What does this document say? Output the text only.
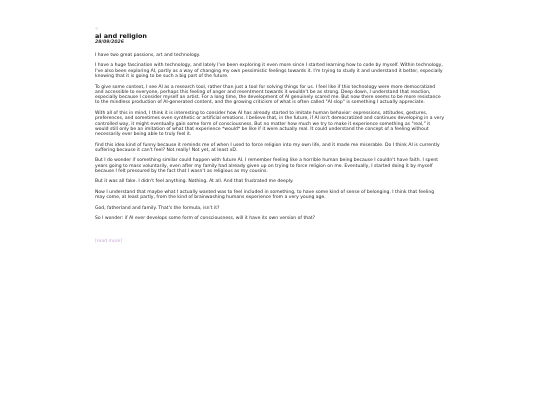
«
ai and religion
28/09/2026

I have two great passions, art and technology.

I have a huge fascination with technology, and lately I've been exploring it even more since I started learning how to code by myself. Within technology, I've also been exploring AI, partly as a way of changing my own pessimistic feelings towards it. I'm trying to study it and understand it better, especially knowing that it is going to be such a big part of the future.

To give some context, I see AI as a research tool, rather than just a tool for solving things for us. I feel like if this technology were more democratized and accessible to everyone, perhaps this feeling of anger and resentment towards it wouldn't be as strong. Deep down, I understand that reaction, especially because I consider myself an artist. For a long time, the development of AI genuinely scared me. But now there seems to be more resistance to the mindless production of AI-generated content, and the growing criticism of what is often called "AI slop" is something I actually appreciate.

With all of this in mind, I think it is interesting to consider how AI has already started to imitate human behavior: expressions, attitudes, gestures, preferences, and sometimes even synthetic or artificial emotions. I believe that, in the future, if AI isn't democratized and continues developing in a very controlled way, it might eventually gain some form of consciousness. But no matter how much we try to make it experience something as "real," it would still only be an imitation of what that experience *would* be like if it were actually real. It could understand the concept of a feeling without necessarily ever being able to truly feel it.

find this idea kind of funny because it reminds me of when I used to force religion into my own life, and it made me miserable. Do I think AI is currently suffering because it can't feel? Not really! Not yet, at least xD.

But I do wonder if something similar could happen with future AI. I remember feeling like a horrible human being because I couldn't have faith. I spent years going to mass voluntarily, even after my family had already given up on trying to force religion on me. Eventually, I started doing it by myself because I felt pressured by the fact that I wasn't as religious as my cousins.

But it was all fake. I didn't feel anything. Nothing. At all. And that frustrated me deeply.

Now I understand that maybe what I actually wanted was to feel included in something, to have some kind of sense of belonging. I think that feeling may come, at least partly, from the kind of brainwashing humans experience from a very young age.

God, fatherland and family. That's the formula, isn't it?

So I wonder: if AI ever develops some form of consciousness, will it have its own version of that?

[read more]
